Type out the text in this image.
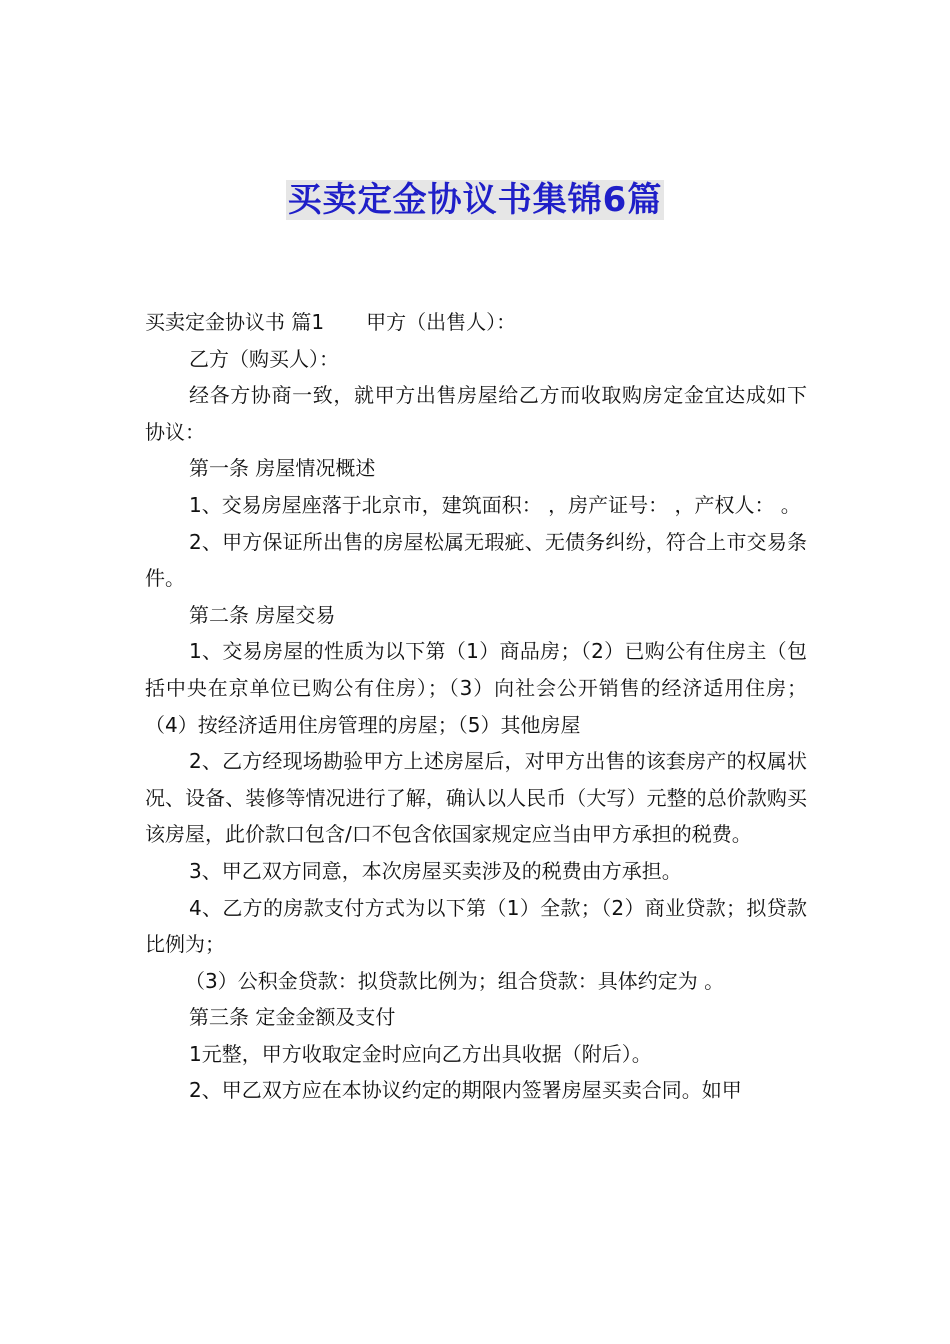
买卖定金协议书集锦6篇

买卖定金协议书 篇1 甲方（出售人）：

乙方（购买人）：

经各方协商一致，就甲方出售房屋给乙方而收取购房定金宜达成如下协议：

第一条 房屋情况概述

1、交易房屋座落于北京市，建筑面积： ，房产证号： ，产权人： 。

2、甲方保证所出售的房屋松属无瑕疵、无债务纠纷，符合上市交易条件。

第二条 房屋交易

1、交易房屋的性质为以下第（1）商品房；（2）已购公有住房主（包括中央在京单位已购公有住房）；（3）向社会公开销售的经济适用住房；（4）按经济适用住房管理的房屋；（5）其他房屋

2、乙方经现场勘验甲方上述房屋后，对甲方出售的该套房产的权属状况、设备、装修等情况进行了解，确认以人民币（大写）元整的总价款购买该房屋，此价款口包含/口不包含依国家规定应当由甲方承担的税费。

3、甲乙双方同意，本次房屋买卖涉及的税费由方承担。

4、乙方的房款支付方式为以下第（1）全款；（2）商业贷款；拟贷款比例为；

（3）公积金贷款：拟贷款比例为；组合贷款：具体约定为 。

第三条 定金金额及支付

1元整，甲方收取定金时应向乙方出具收据（附后）。

2、甲乙双方应在本协议约定的期限内签署房屋买卖合同。如甲
